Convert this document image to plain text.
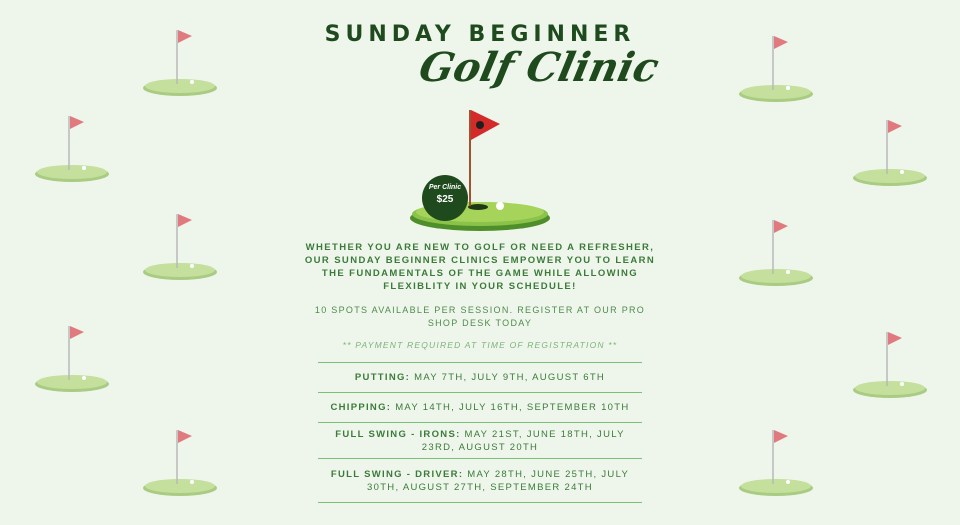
SUNDAY BEGINNER
Golf Clinic
Per Clinic
$25
WHETHER YOU ARE NEW TO GOLF OR NEED A REFRESHER, OUR SUNDAY BEGINNER CLINICS EMPOWER YOU TO LEARN THE FUNDAMENTALS OF THE GAME WHILE ALLOWING FLEXIBLITY IN YOUR SCHEDULE!
10 SPOTS AVAILABLE PER SESSION. REGISTER AT OUR PRO SHOP DESK TODAY
** PAYMENT REQUIRED AT TIME OF REGISTRATION **
PUTTING: MAY 7TH, JULY 9TH, AUGUST 6TH
CHIPPING: MAY 14TH, JULY 16TH, SEPTEMBER 10TH
FULL SWING - IRONS: MAY 21ST, JUNE 18TH, JULY 23RD, AUGUST 20TH
FULL SWING - DRIVER: MAY 28TH, JUNE 25TH, JULY 30TH, AUGUST 27TH, SEPTEMBER 24TH
